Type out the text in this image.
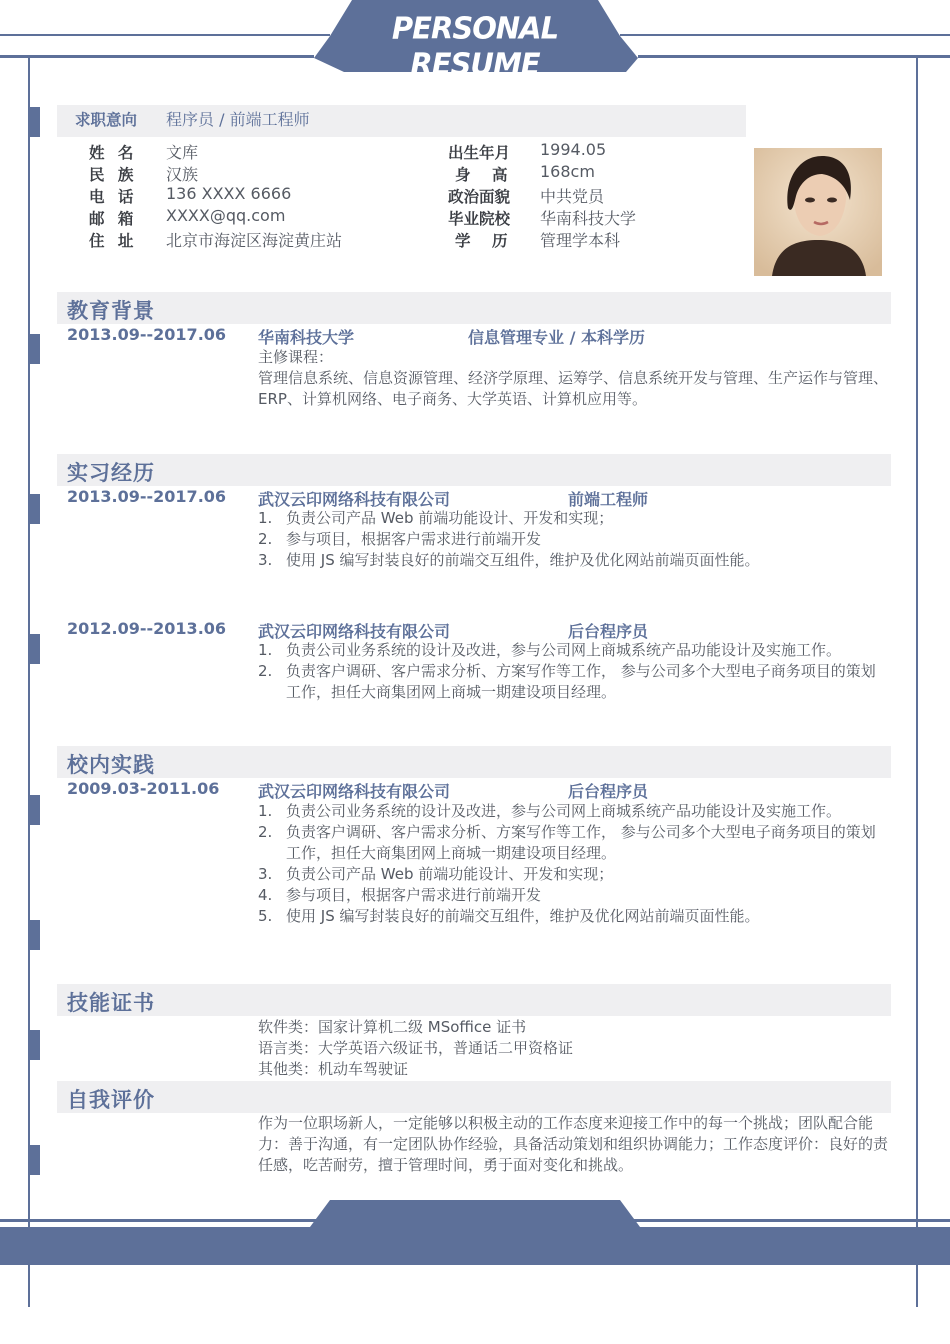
PERSONAL RESUME
求职意向 程序员 / 前端工程师
姓 名 文库
民 族 汉族
电 话 136 XXXX 6666
邮 箱 XXXX@qq.com
住 址 北京市海淀区海淀黄庄站
出生年月 1994.05
身　高 168cm
政治面貌 中共党员
毕业院校 华南科技大学
学　历 管理学本科
教育背景
2013.09--2017.06 华南科技大学	信息管理专业 / 本科学历
主修课程：
管理信息系统、信息资源管理、经济学原理、运筹学、信息系统开发与管理、生产运作与管理、ERP、计算机网络、电子商务、大学英语、计算机应用等。
实习经历
2013.09--2017.06 武汉云印网络科技有限公司	前端工程师
1. 负责公司产品 Web 前端功能设计、开发和实现；
2. 参与项目，根据客户需求进行前端开发
3. 使用 JS 编写封装良好的前端交互组件，维护及优化网站前端页面性能。
2012.09--2013.06 武汉云印网络科技有限公司	后台程序员
1. 负责公司业务系统的设计及改进，参与公司网上商城系统产品功能设计及实施工作。
2. 负责客户调研、客户需求分析、方案写作等工作， 参与公司多个大型电子商务项目的策划工作，担任大商集团网上商城一期建设项目经理。
校内实践
2009.03-2011.06 武汉云印网络科技有限公司	后台程序员
1. 负责公司业务系统的设计及改进，参与公司网上商城系统产品功能设计及实施工作。
2. 负责客户调研、客户需求分析、方案写作等工作， 参与公司多个大型电子商务项目的策划工作，担任大商集团网上商城一期建设项目经理。
3. 负责公司产品 Web 前端功能设计、开发和实现；
4. 参与项目，根据客户需求进行前端开发
5. 使用 JS 编写封装良好的前端交互组件，维护及优化网站前端页面性能。
技能证书
软件类：国家计算机二级 MSoffice 证书
语言类：大学英语六级证书，普通话二甲资格证
其他类：机动车驾驶证
自我评价
作为一位职场新人，一定能够以积极主动的工作态度来迎接工作中的每一个挑战；团队配合能力：善于沟通，有一定团队协作经验，具备活动策划和组织协调能力；工作态度评价：良好的责任感，吃苦耐劳，擅于管理时间，勇于面对变化和挑战。
